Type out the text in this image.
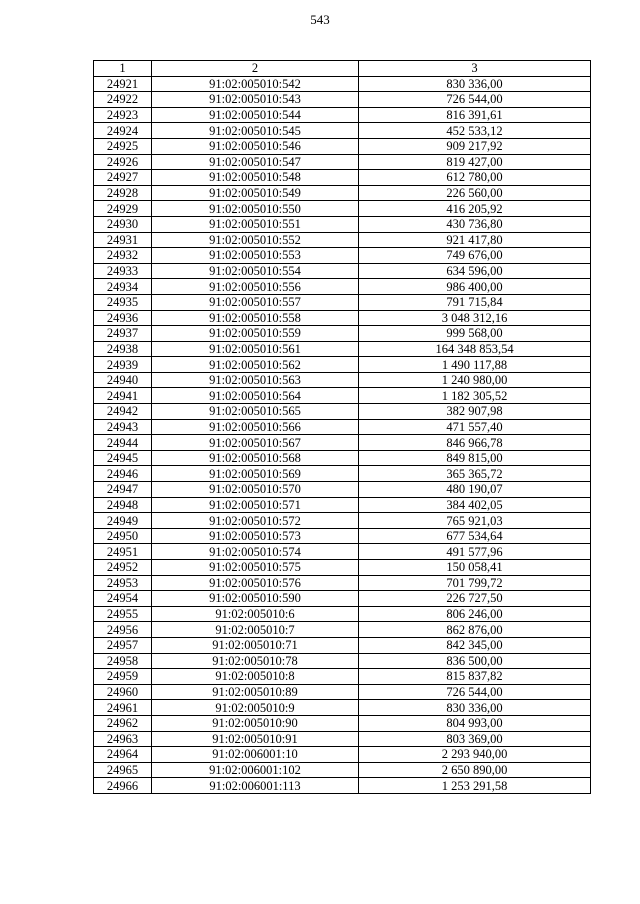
543
1	2	3
24921	91:02:005010:542	830 336,00
24922	91:02:005010:543	726 544,00
24923	91:02:005010:544	816 391,61
24924	91:02:005010:545	452 533,12
24925	91:02:005010:546	909 217,92
24926	91:02:005010:547	819 427,00
24927	91:02:005010:548	612 780,00
24928	91:02:005010:549	226 560,00
24929	91:02:005010:550	416 205,92
24930	91:02:005010:551	430 736,80
24931	91:02:005010:552	921 417,80
24932	91:02:005010:553	749 676,00
24933	91:02:005010:554	634 596,00
24934	91:02:005010:556	986 400,00
24935	91:02:005010:557	791 715,84
24936	91:02:005010:558	3 048 312,16
24937	91:02:005010:559	999 568,00
24938	91:02:005010:561	164 348 853,54
24939	91:02:005010:562	1 490 117,88
24940	91:02:005010:563	1 240 980,00
24941	91:02:005010:564	1 182 305,52
24942	91:02:005010:565	382 907,98
24943	91:02:005010:566	471 557,40
24944	91:02:005010:567	846 966,78
24945	91:02:005010:568	849 815,00
24946	91:02:005010:569	365 365,72
24947	91:02:005010:570	480 190,07
24948	91:02:005010:571	384 402,05
24949	91:02:005010:572	765 921,03
24950	91:02:005010:573	677 534,64
24951	91:02:005010:574	491 577,96
24952	91:02:005010:575	150 058,41
24953	91:02:005010:576	701 799,72
24954	91:02:005010:590	226 727,50
24955	91:02:005010:6	806 246,00
24956	91:02:005010:7	862 876,00
24957	91:02:005010:71	842 345,00
24958	91:02:005010:78	836 500,00
24959	91:02:005010:8	815 837,82
24960	91:02:005010:89	726 544,00
24961	91:02:005010:9	830 336,00
24962	91:02:005010:90	804 993,00
24963	91:02:005010:91	803 369,00
24964	91:02:006001:10	2 293 940,00
24965	91:02:006001:102	2 650 890,00
24966	91:02:006001:113	1 253 291,58
